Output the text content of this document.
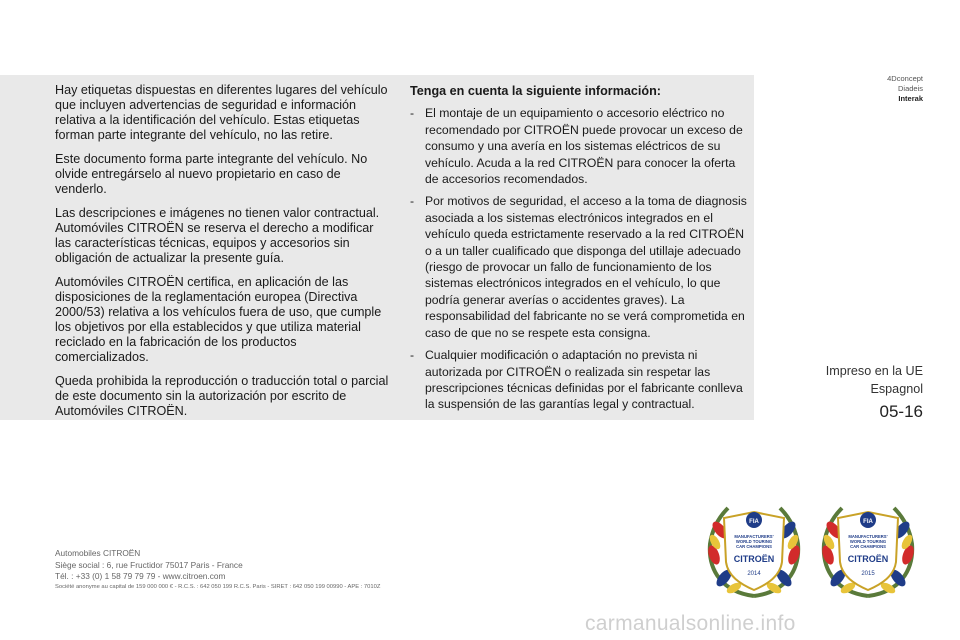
Hay etiquetas dispuestas en diferentes lugares del vehículo que incluyen advertencias de seguridad e información relativa a la identificación del vehículo. Estas etiquetas forman parte integrante del vehículo, no las retire.

Este documento forma parte integrante del vehículo. No olvide entregárselo al nuevo propietario en caso de venderlo.

Las descripciones e imágenes no tienen valor contractual. Automóviles CITROËN se reserva el derecho a modificar las características técnicas, equipos y accesorios sin obligación de actualizar la presente guía.

Automóviles CITROËN certifica, en aplicación de las disposiciones de la reglamentación europea (Directiva 2000/53) relativa a los vehículos fuera de uso, que cumple los objetivos por ella establecidos y que utiliza material reciclado en la fabricación de los productos comercializados.

Queda prohibida la reproducción o traducción total o parcial de este documento sin la autorización por escrito de Automóviles CITROËN.

Tenga en cuenta la siguiente información:

- El montaje de un equipamiento o accesorio eléctrico no recomendado por CITROËN puede provocar un exceso de consumo y una avería en los sistemas eléctricos de su vehículo. Acuda a la red CITROËN para conocer la oferta de accesorios recomendados.
- Por motivos de seguridad, el acceso a la toma de diagnosis asociada a los sistemas electrónicos integrados en el vehículo queda estrictamente reservado a la red CITROËN o a un taller cualificado que disponga del utillaje adecuado (riesgo de provocar un fallo de funcionamiento de los sistemas electrónicos integrados en el vehículo, lo que podría generar averías o accidentes graves). La responsabilidad del fabricante no se verá comprometida en caso de que no se respete esta consigna.
- Cualquier modificación o adaptación no prevista ni autorizada por CITROËN o realizada sin respetar las prescripciones técnicas definidas por el fabricante conlleva la suspensión de las garantías legal y contractual.
4Dconcept
Diadeis
Interak
Impreso en la UE
Espagnol
05-16
Automobiles CITROËN
Siège social : 6, rue Fructidor 75017 Paris - France
Tél. : +33 (0) 1 58 79 79 79 - www.citroen.com
Société anonyme au capital de 159 000 000 € - R.C.S. : 642 050 199 R.C.S. Paris - SIRET : 642 050 199 00990 - APE : 7010Z
FIA
MANUFACTURERS'
WORLD TOURING
CAR CHAMPIONS
CITROËN
2014
FIA
MANUFACTURERS'
WORLD TOURING
CAR CHAMPIONS
CITROËN
2015
carmanualsonline.info
